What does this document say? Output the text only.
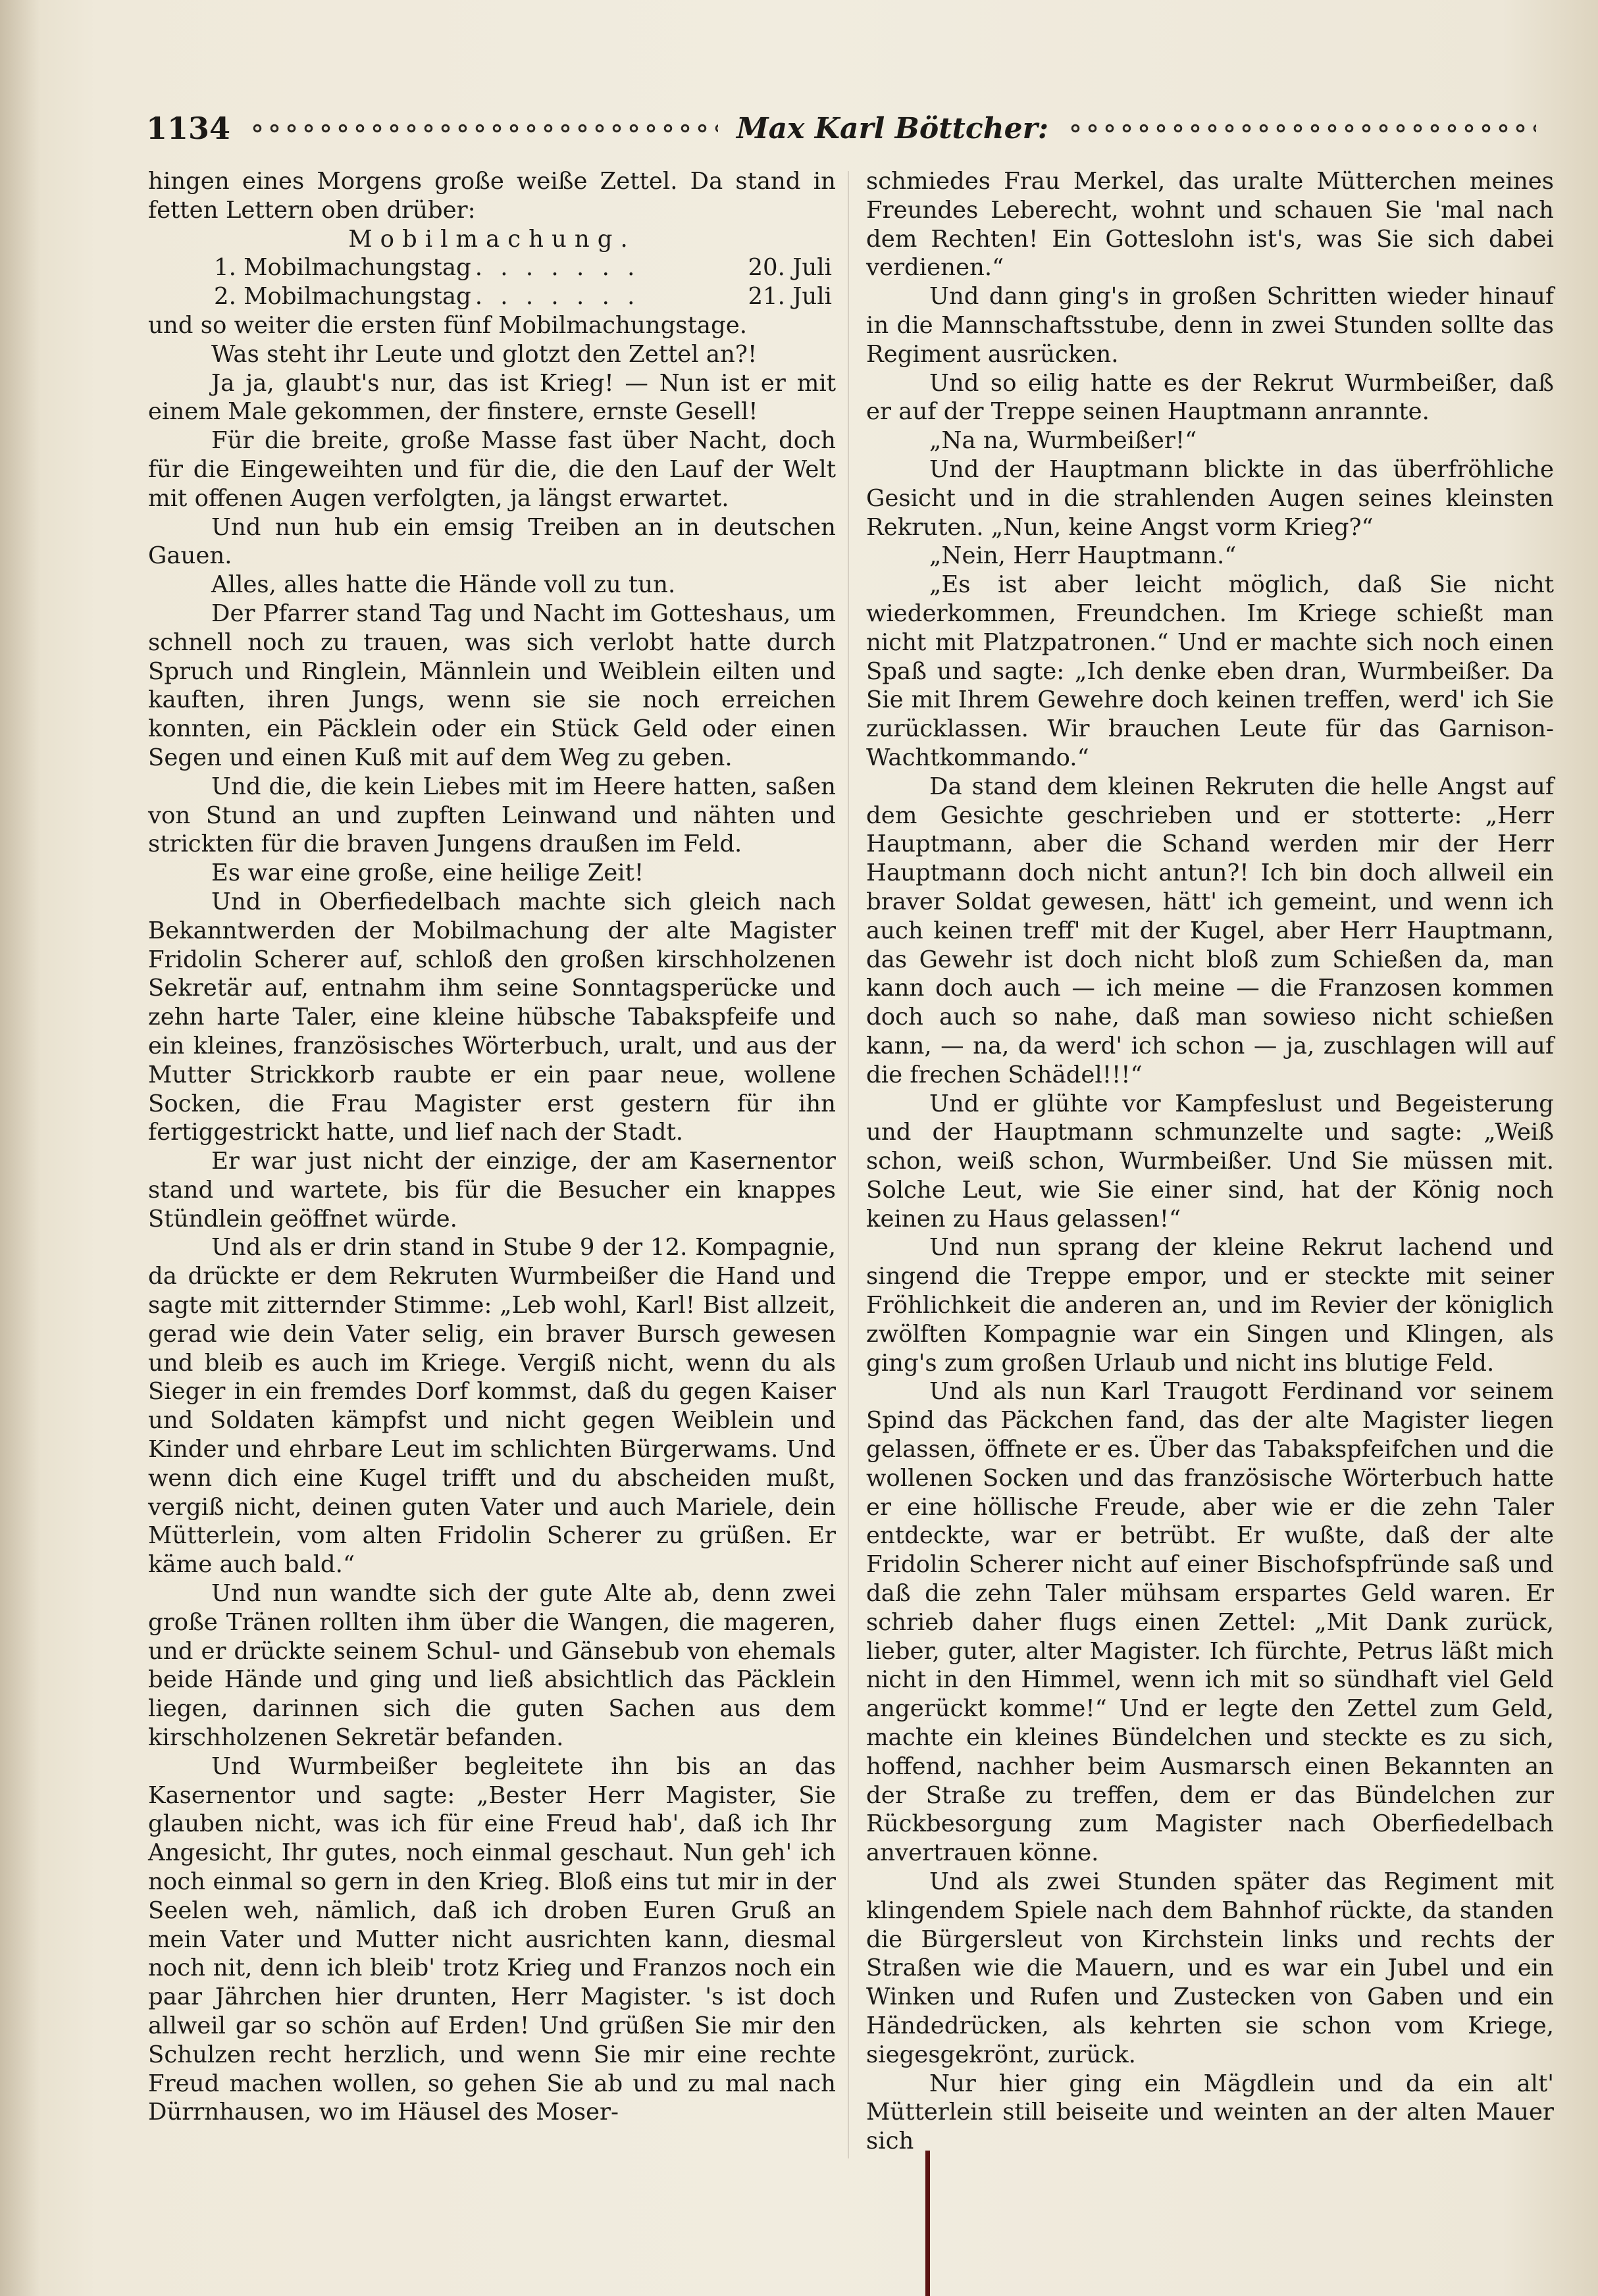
1134	Max Karl Böttcher:

hingen eines Morgens große weiße Zettel. Da stand in fetten Lettern oben drüber:

Mobilmachung.

1. Mobilmachungstag . . . . . . .	20. Juli
2. Mobilmachungstag . . . . . . .	21. Juli

und so weiter die ersten fünf Mobilmachungstage.

Was steht ihr Leute und glotzt den Zettel an?!

Ja ja, glaubt's nur, das ist Krieg! — Nun ist er mit einem Male gekommen, der finstere, ernste Gesell!

Für die breite, große Masse fast über Nacht, doch für die Eingeweihten und für die, die den Lauf der Welt mit offenen Augen verfolgten, ja längst erwartet.

Und nun hub ein emsig Treiben an in deutschen Gauen.

Alles, alles hatte die Hände voll zu tun.

Der Pfarrer stand Tag und Nacht im Gotteshaus, um schnell noch zu trauen, was sich verlobt hatte durch Spruch und Ringlein, Männlein und Weiblein eilten und kauften, ihren Jungs, wenn sie sie noch erreichen konnten, ein Päcklein oder ein Stück Geld oder einen Segen und einen Kuß mit auf dem Weg zu geben.

Und die, die kein Liebes mit im Heere hatten, saßen von Stund an und zupften Leinwand und nähten und strickten für die braven Jungens draußen im Feld.

Es war eine große, eine heilige Zeit!

Und in Oberfiedelbach machte sich gleich nach Bekanntwerden der Mobilmachung der alte Magister Fridolin Scherer auf, schloß den großen kirschholzenen Sekretär auf, entnahm ihm seine Sonntagsperücke und zehn harte Taler, eine kleine hübsche Tabakspfeife und ein kleines, französisches Wörterbuch, uralt, und aus der Mutter Strickkorb raubte er ein paar neue, wollene Socken, die Frau Magister erst gestern für ihn fertiggestrickt hatte, und lief nach der Stadt.

Er war just nicht der einzige, der am Kasernentor stand und wartete, bis für die Besucher ein knappes Stündlein geöffnet würde.

Und als er drin stand in Stube 9 der 12. Kompagnie, da drückte er dem Rekruten Wurmbeißer die Hand und sagte mit zitternder Stimme: „Leb wohl, Karl! Bist allzeit, gerad wie dein Vater selig, ein braver Bursch gewesen und bleib es auch im Kriege. Vergiß nicht, wenn du als Sieger in ein fremdes Dorf kommst, daß du gegen Kaiser und Soldaten kämpfst und nicht gegen Weiblein und Kinder und ehrbare Leut im schlichten Bürgerwams. Und wenn dich eine Kugel trifft und du abscheiden mußt, vergiß nicht, deinen guten Vater und auch Mariele, dein Mütterlein, vom alten Fridolin Scherer zu grüßen. Er käme auch bald.“

Und nun wandte sich der gute Alte ab, denn zwei große Tränen rollten ihm über die Wangen, die mageren, und er drückte seinem Schul- und Gänsebub von ehemals beide Hände und ging und ließ absichtlich das Päcklein liegen, darinnen sich die guten Sachen aus dem kirschholzenen Sekretär befanden.

Und Wurmbeißer begleitete ihn bis an das Kasernentor und sagte: „Bester Herr Magister, Sie glauben nicht, was ich für eine Freud hab', daß ich Ihr Angesicht, Ihr gutes, noch einmal geschaut. Nun geh' ich noch einmal so gern in den Krieg. Bloß eins tut mir in der Seelen weh, nämlich, daß ich droben Euren Gruß an mein Vater und Mutter nicht ausrichten kann, diesmal noch nit, denn ich bleib' trotz Krieg und Franzos noch ein paar Jährchen hier drunten, Herr Magister. 's ist doch allweil gar so schön auf Erden! Und grüßen Sie mir den Schulzen recht herzlich, und wenn Sie mir eine rechte Freud machen wollen, so gehen Sie ab und zu mal nach Dürrnhausen, wo im Häusel des Moser-

schmiedes Frau Merkel, das uralte Mütterchen meines Freundes Leberecht, wohnt und schauen Sie 'mal nach dem Rechten! Ein Gotteslohn ist's, was Sie sich dabei verdienen.“

Und dann ging's in großen Schritten wieder hinauf in die Mannschaftsstube, denn in zwei Stunden sollte das Regiment ausrücken.

Und so eilig hatte es der Rekrut Wurmbeißer, daß er auf der Treppe seinen Hauptmann anrannte.

„Na na, Wurmbeißer!“

Und der Hauptmann blickte in das überfröhliche Gesicht und in die strahlenden Augen seines kleinsten Rekruten. „Nun, keine Angst vorm Krieg?“

„Nein, Herr Hauptmann.“

„Es ist aber leicht möglich, daß Sie nicht wiederkommen, Freundchen. Im Kriege schießt man nicht mit Platzpatronen.“ Und er machte sich noch einen Spaß und sagte: „Ich denke eben dran, Wurmbeißer. Da Sie mit Ihrem Gewehre doch keinen treffen, werd' ich Sie zurücklassen. Wir brauchen Leute für das Garnison-Wachtkommando.“

Da stand dem kleinen Rekruten die helle Angst auf dem Gesichte geschrieben und er stotterte: „Herr Hauptmann, aber die Schand werden mir der Herr Hauptmann doch nicht antun?! Ich bin doch allweil ein braver Soldat gewesen, hätt' ich gemeint, und wenn ich auch keinen treff' mit der Kugel, aber Herr Hauptmann, das Gewehr ist doch nicht bloß zum Schießen da, man kann doch auch — ich meine — die Franzosen kommen doch auch so nahe, daß man sowieso nicht schießen kann, — na, da werd' ich schon — ja, zuschlagen will auf die frechen Schädel!!!“

Und er glühte vor Kampfeslust und Begeisterung und der Hauptmann schmunzelte und sagte: „Weiß schon, weiß schon, Wurmbeißer. Und Sie müssen mit. Solche Leut, wie Sie einer sind, hat der König noch keinen zu Haus gelassen!“

Und nun sprang der kleine Rekrut lachend und singend die Treppe empor, und er steckte mit seiner Fröhlichkeit die anderen an, und im Revier der königlich zwölften Kompagnie war ein Singen und Klingen, als ging's zum großen Urlaub und nicht ins blutige Feld.

Und als nun Karl Traugott Ferdinand vor seinem Spind das Päckchen fand, das der alte Magister liegen gelassen, öffnete er es. Über das Tabakspfeifchen und die wollenen Socken und das französische Wörterbuch hatte er eine höllische Freude, aber wie er die zehn Taler entdeckte, war er betrübt. Er wußte, daß der alte Fridolin Scherer nicht auf einer Bischofspfründe saß und daß die zehn Taler mühsam erspartes Geld waren. Er schrieb daher flugs einen Zettel: „Mit Dank zurück, lieber, guter, alter Magister. Ich fürchte, Petrus läßt mich nicht in den Himmel, wenn ich mit so sündhaft viel Geld angerückt komme!“ Und er legte den Zettel zum Geld, machte ein kleines Bündelchen und steckte es zu sich, hoffend, nachher beim Ausmarsch einen Bekannten an der Straße zu treffen, dem er das Bündelchen zur Rückbesorgung zum Magister nach Oberfiedelbach anvertrauen könne.

Und als zwei Stunden später das Regiment mit klingendem Spiele nach dem Bahnhof rückte, da standen die Bürgersleut von Kirchstein links und rechts der Straßen wie die Mauern, und es war ein Jubel und ein Winken und Rufen und Zustecken von Gaben und ein Händedrücken, als kehrten sie schon vom Kriege, siegesgekrönt, zurück.

Nur hier ging ein Mägdlein und da ein alt' Mütterlein still beiseite und weinten an der alten Mauer sich
